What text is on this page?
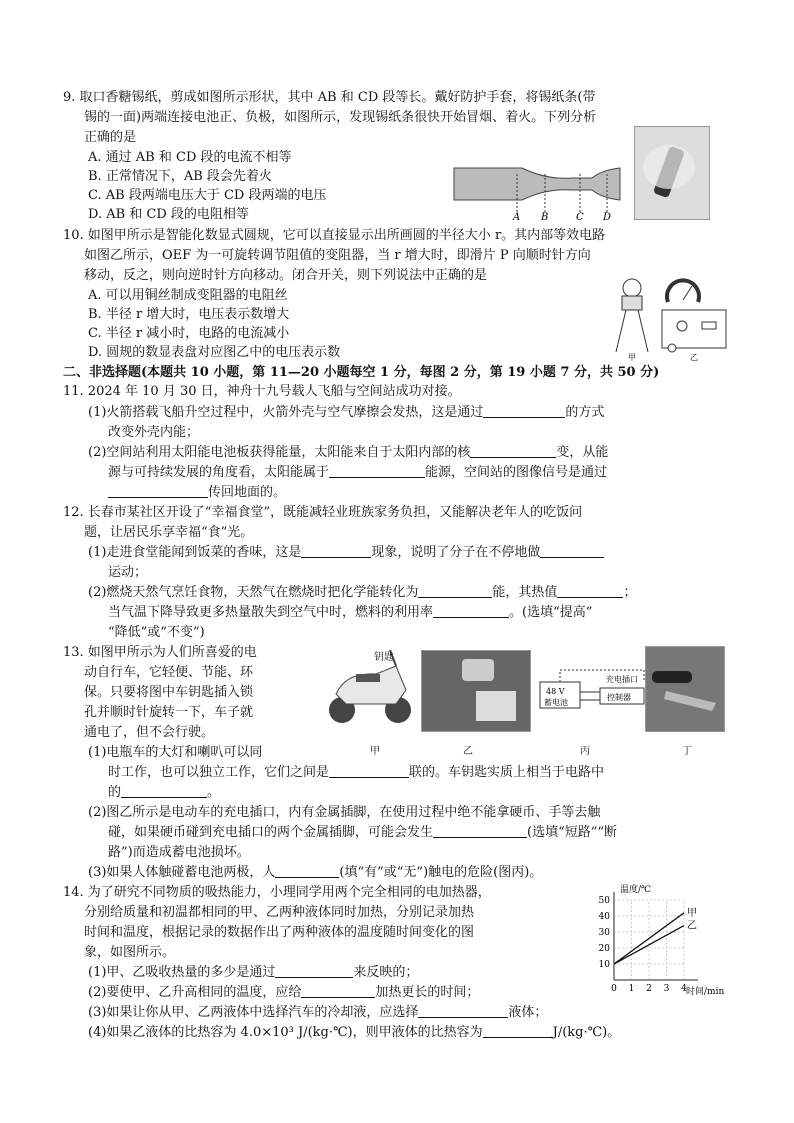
9. 取口香糖锡纸，剪成如图所示形状，其中 AB 和 CD 段等长。戴好防护手套，将锡纸条(带
锡的一面)两端连接电池正、负极，如图所示，发现锡纸条很快开始冒烟、着火。下列分析
正确的是
A. 通过 AB 和 CD 段的电流不相等
B. 正常情况下，AB 段会先着火
C. AB 段两端电压大于 CD 段两端的电压
D. AB 和 CD 段的电阻相等	A B	C D
10. 如图甲所示是智能化数显式圆规，它可以直接显示出所画圆的半径大小 r。其内部等效电路
如图乙所示，OEF 为一可旋转调节阻值的变阻器，当 r 增大时，即滑片 P 向顺时针方向
移动，反之，则向逆时针方向移动。闭合开关，则下列说法中正确的是
A. 可以用铜丝制成变阻器的电阻丝
B. 半径 r 增大时，电压表示数增大
C. 半径 r 减小时，电路的电流减小
D. 圆规的数显表盘对应图乙中的电压表示数	甲	乙
二、非选择题(本题共 10 小题，第 11—20 小题每空 1 分，每图 2 分，第 19 小题 7 分，共 50 分)
11. 2024 年 10 月 30 日，神舟十九号载人飞船与空间站成功对接。
(1)火箭搭载飞船升空过程中，火箭外壳与空气摩擦会发热，这是通过	的方式
改变外壳内能；
(2)空间站利用太阳能电池板获得能量，太阳能来自于太阳内部的核	变，从能
源与可持续发展的角度看，太阳能属于	能源，空间站的图像信号是通过
传回地面的。
12. 长春市某社区开设了“幸福食堂”，既能减轻业班族家务负担，又能解决老年人的吃饭问
题，让居民乐享幸福“食”光。
(1)走进食堂能闻到饭菜的香味，这是	现象，说明了分子在不停地做
运动；
(2)燃烧天然气烹饪食物，天然气在燃烧时把化学能转化为	能，其热值	；
当气温下降导致更多热量散失到空气中时，燃料的利用率	。(选填“提高”
“降低”或“不变”)
13. 如图甲所示为人们所喜爱的电
动自行车，它轻便、节能、环
保。只要将图中车钥匙插入锁
孔并顺时针旋转一下，车子就
通电了，但不会行驶。
(1)电瓶车的大灯和喇叭可以同
时工作，也可以独立工作，它们之间是	联的。车钥匙实质上相当于电路中
的	。
(2)图乙所示是电动车的充电插口，内有金属插脚，在使用过程中绝不能拿硬币、手等去触
碰，如果硬币碰到充电插口的两个金属插脚，可能会发生	(选填“短路”“断
路”)而造成蓄电池损坏。
(3)如果人体触碰蓄电池两极，人	(填“有”或“无”)触电的危险(图丙)。
钥匙
48 V
蓄电池
控制器
充电插口
甲	乙	丙	丁
14. 为了研究不同物质的吸热能力，小理同学用两个完全相同的电加热器，
分别给质量和初温都相同的甲、乙两种液体同时加热，分别记录加热
时间和温度，根据记录的数据作出了两种液体的温度随时间变化的图
象，如图所示。
(1)甲、乙吸收热量的多少是通过	来反映的；
(2)要使甲、乙升高相同的温度，应给	加热更长的时间；
(3)如果让你从甲、乙两液体中选择汽车的冷却液，应选择	液体；
(4)如果乙液体的比热容为 4.0×10³ J/(kg·℃)，则甲液体的比热容为	J/(kg·℃)。
温度/℃
时间/min
10
20
30
40
50
0 1 2 3 4
甲
乙
